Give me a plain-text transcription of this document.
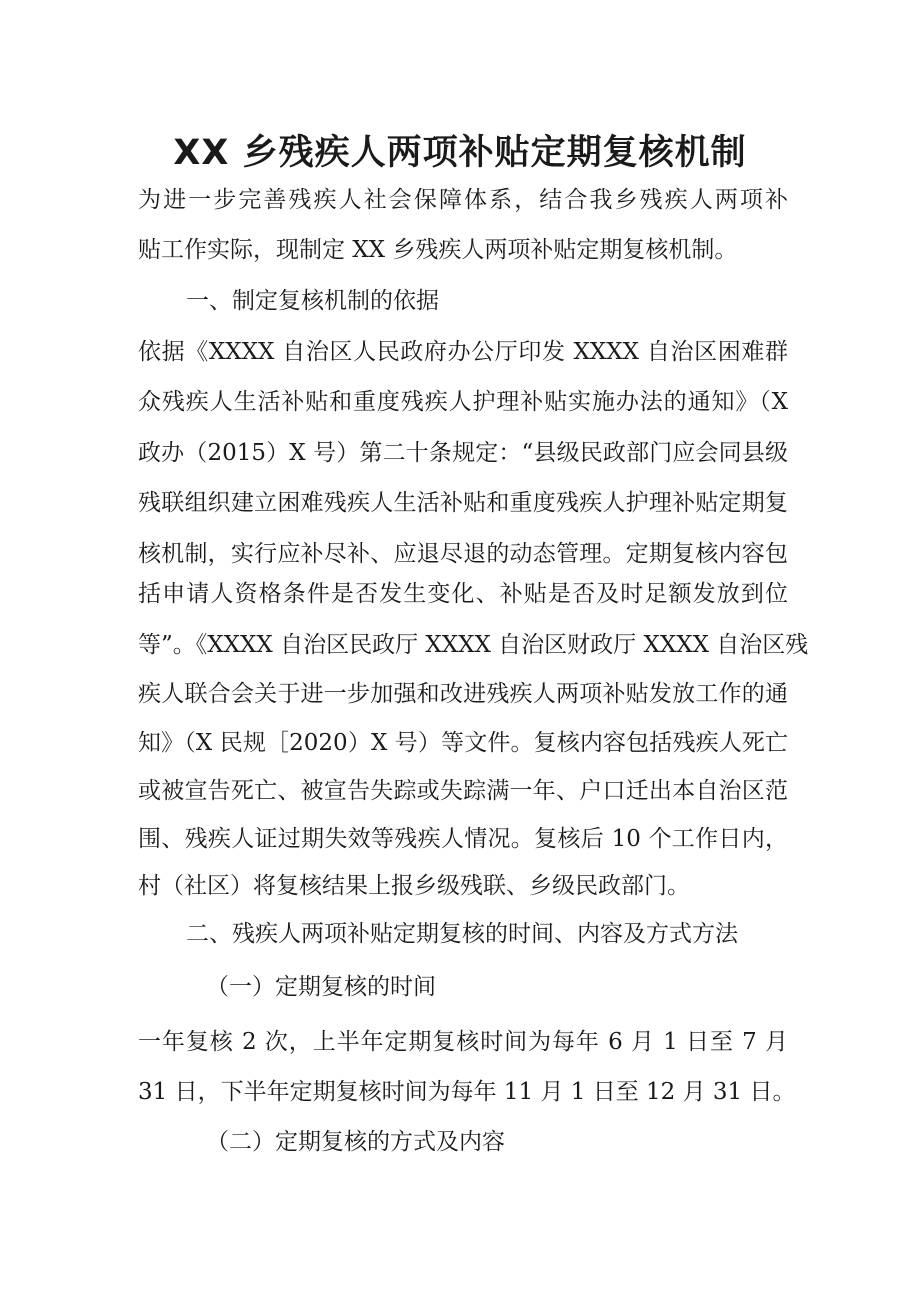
XX 乡残疾人两项补贴定期复核机制

为进一步完善残疾人社会保障体系，结合我乡残疾人两项补

贴工作实际，现制定 XX 乡残疾人两项补贴定期复核机制。

一、制定复核机制的依据

依据《XXXX 自治区人民政府办公厅印发 XXXX 自治区困难群

众残疾人生活补贴和重度残疾人护理补贴实施办法的通知》（X

政办（2015）X 号）第二十条规定：“县级民政部门应会同县级

残联组织建立困难残疾人生活补贴和重度残疾人护理补贴定期复

核机制，实行应补尽补、应退尽退的动态管理。定期复核内容包

括申请人资格条件是否发生变化、补贴是否及时足额发放到位

等”。《XXXX 自治区民政厅 XXXX 自治区财政厅 XXXX 自治区残

疾人联合会关于进一步加强和改进残疾人两项补贴发放工作的通

知》（X 民规［2020）X 号）等文件。复核内容包括残疾人死亡

或被宣告死亡、被宣告失踪或失踪满一年、户口迁出本自治区范

围、残疾人证过期失效等残疾人情况。复核后 10 个工作日内，

村（社区）将复核结果上报乡级残联、乡级民政部门。

二、残疾人两项补贴定期复核的时间、内容及方式方法

（一）定期复核的时间

一年复核 2 次，上半年定期复核时间为每年 6 月 1 日至 7 月

31 日，下半年定期复核时间为每年 11 月 1 日至 12 月 31 日。

（二）定期复核的方式及内容
